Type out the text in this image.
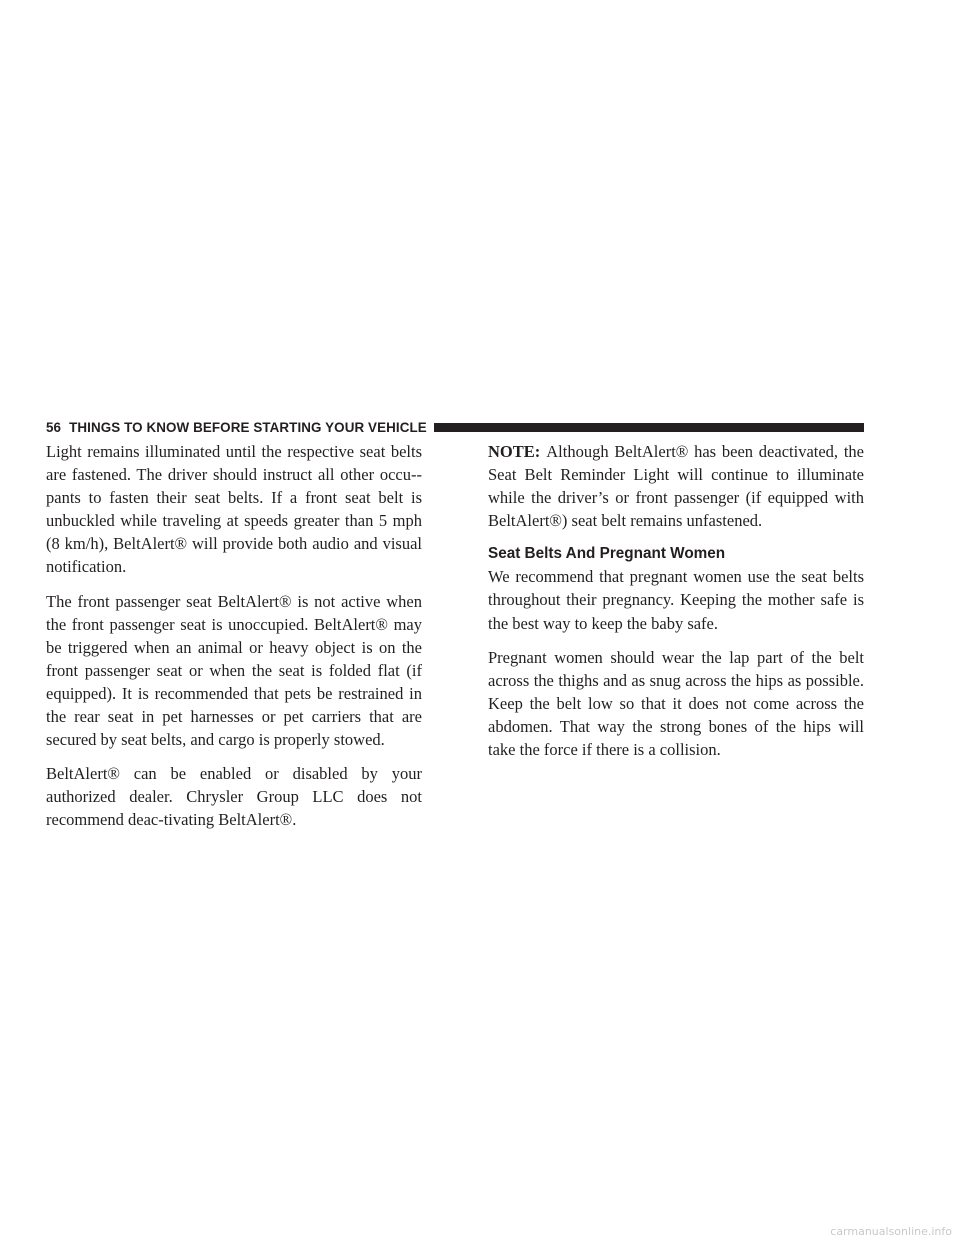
56 THINGS TO KNOW BEFORE STARTING YOUR VEHICLE

Light remains illuminated until the respective seat belts are fastened. The driver should instruct all other occu-pants to fasten their seat belts. If a front seat belt is unbuckled while traveling at speeds greater than 5 mph (8 km/h), BeltAlert® will provide both audio and visual notification.

The front passenger seat BeltAlert® is not active when the front passenger seat is unoccupied. BeltAlert® may be triggered when an animal or heavy object is on the front passenger seat or when the seat is folded flat (if equipped). It is recommended that pets be restrained in the rear seat in pet harnesses or pet carriers that are secured by seat belts, and cargo is properly stowed.

BeltAlert® can be enabled or disabled by your authorized dealer. Chrysler Group LLC does not recommend deac-tivating BeltAlert®.

NOTE: Although BeltAlert® has been deactivated, the Seat Belt Reminder Light will continue to illuminate while the driver’s or front passenger (if equipped with BeltAlert®) seat belt remains unfastened.

Seat Belts And Pregnant Women

We recommend that pregnant women use the seat belts throughout their pregnancy. Keeping the mother safe is the best way to keep the baby safe.

Pregnant women should wear the lap part of the belt across the thighs and as snug across the hips as possible. Keep the belt low so that it does not come across the abdomen. That way the strong bones of the hips will take the force if there is a collision.

carmanualsonline.info
